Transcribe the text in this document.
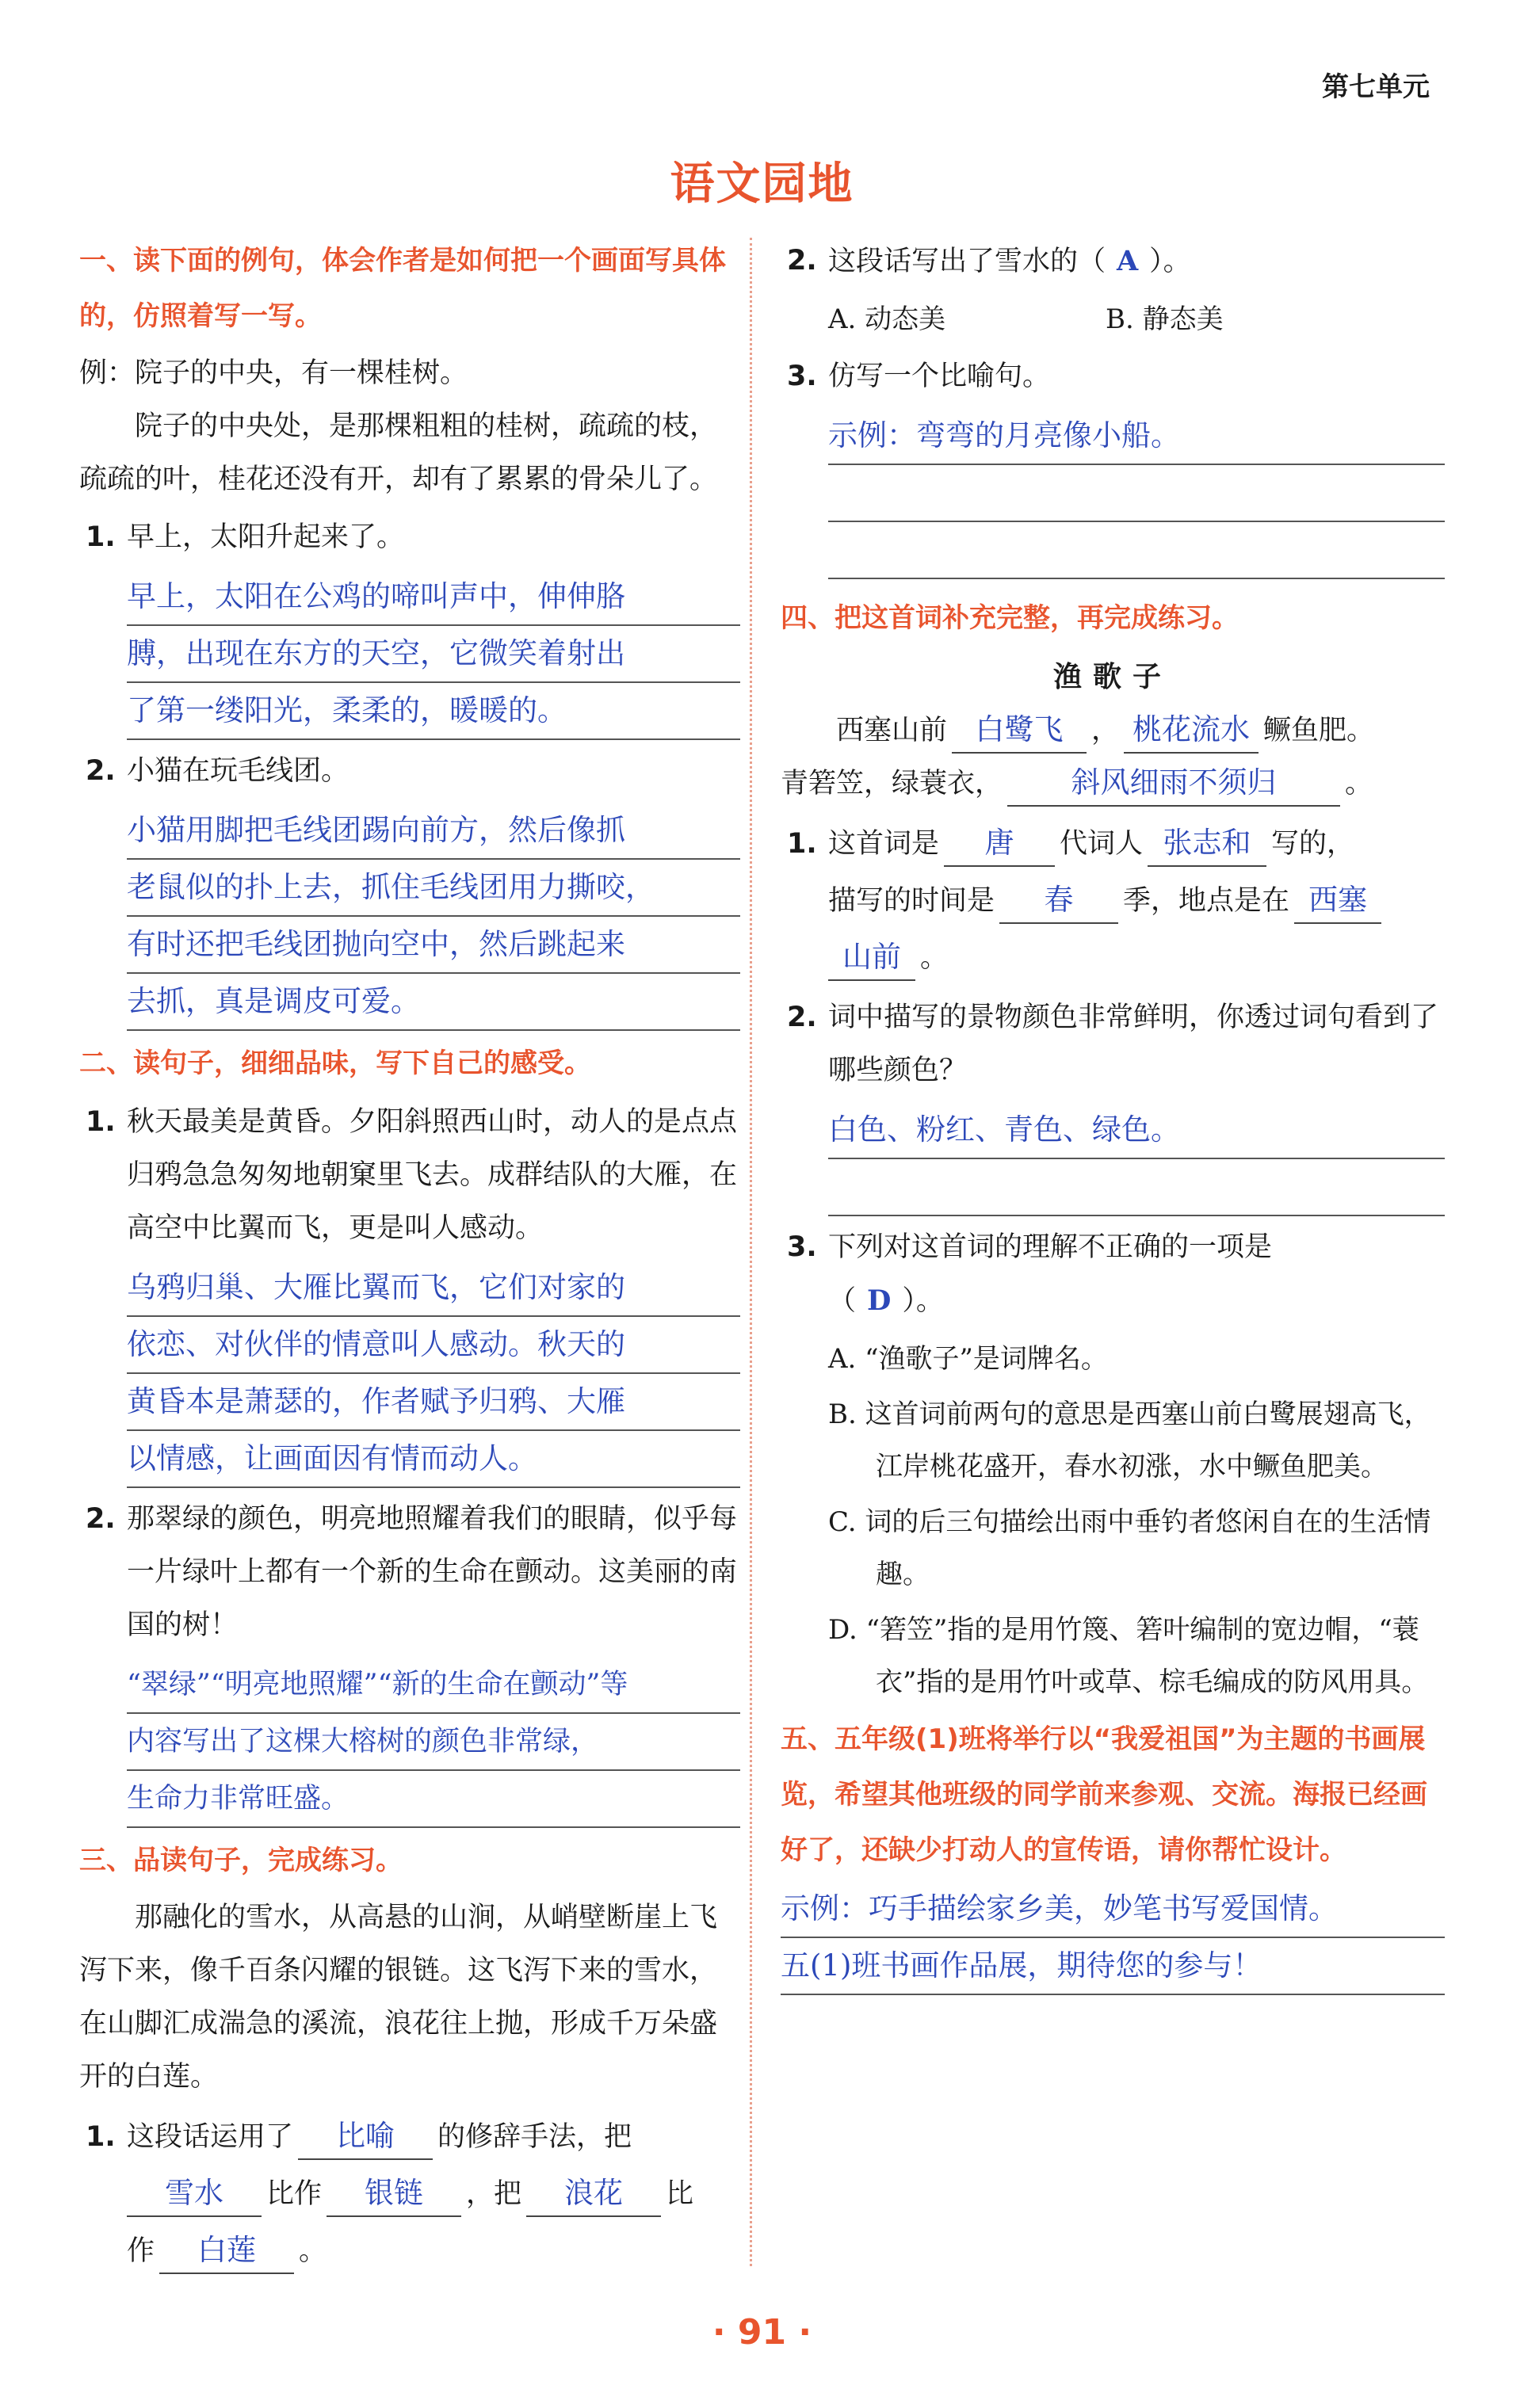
第七单元
语文园地
一、读下面的例句，体会作者是如何把一个画面写具体的，仿照着写一写。

例：院子的中央，有一棵桂树。

院子的中央处，是那棵粗粗的桂树，疏疏的枝，疏疏的叶，桂花还没有开，却有了累累的骨朵儿了。

1. 早上，太阳升起来了。
早上，太阳在公鸡的啼叫声中，伸伸胳
膊，出现在东方的天空，它微笑着射出
了第一缕阳光，柔柔的，暖暖的。
2. 小猫在玩毛线团。
小猫用脚把毛线团踢向前方，然后像抓
老鼠似的扑上去，抓住毛线团用力撕咬，
有时还把毛线团抛向空中，然后跳起来
去抓，真是调皮可爱。
二、读句子，细细品味，写下自己的感受。
1. 秋天最美是黄昏。夕阳斜照西山时，动人的是点点归鸦急急匆匆地朝窠里飞去。成群结队的大雁，在高空中比翼而飞，更是叫人感动。
乌鸦归巢、大雁比翼而飞，它们对家的
依恋、对伙伴的情意叫人感动。秋天的
黄昏本是萧瑟的，作者赋予归鸦、大雁
以情感，让画面因有情而动人。
2. 那翠绿的颜色，明亮地照耀着我们的眼睛，似乎每一片绿叶上都有一个新的生命在颤动。这美丽的南国的树！
“翠绿”“明亮地照耀”“新的生命在颤动”等
内容写出了这棵大榕树的颜色非常绿，
生命力非常旺盛。
三、品读句子，完成练习。

那融化的雪水，从高悬的山涧，从峭壁断崖上飞泻下来，像千百条闪耀的银链。这飞泻下来的雪水，在山脚汇成湍急的溪流，浪花往上抛，形成千万朵盛开的白莲。

1. 这段话运用了 比喻 的修辞手法，把
雪水 比作 银链 ，把 浪花 比
作 白莲 。
2. 这段话写出了雪水的（ A ）。
A. 动态美	B. 静态美
3. 仿写一个比喻句。
示例：弯弯的月亮像小船。
四、把这首词补充完整，再完成练习。
渔歌子

西塞山前 白鹭飞 ， 桃花流水 鳜鱼肥。

青箬笠，绿蓑衣， 斜风细雨不须归 。

1. 这首词是 唐 代词人 张志和 写的，
描写的时间是 春 季，地点是在 西塞
山前 。
2. 词中描写的景物颜色非常鲜明，你透过词句看到了哪些颜色？
白色、粉红、青色、绿色。
3. 下列对这首词的理解不正确的一项是
（ D ）。
A. “渔歌子”是词牌名。
B. 这首词前两句的意思是西塞山前白鹭展翅高飞，江岸桃花盛开，春水初涨，水中鳜鱼肥美。
C. 词的后三句描绘出雨中垂钓者悠闲自在的生活情趣。
D. “箬笠”指的是用竹篾、箬叶编制的宽边帽，“蓑衣”指的是用竹叶或草、棕毛编成的防风用具。
五、五年级(1)班将举行以“我爱祖国”为主题的书画展览，希望其他班级的同学前来参观、交流。海报已经画好了，还缺少打动人的宣传语，请你帮忙设计。
示例：巧手描绘家乡美，妙笔书写爱国情。
五(1)班书画作品展，期待您的参与！
· 91 ·
